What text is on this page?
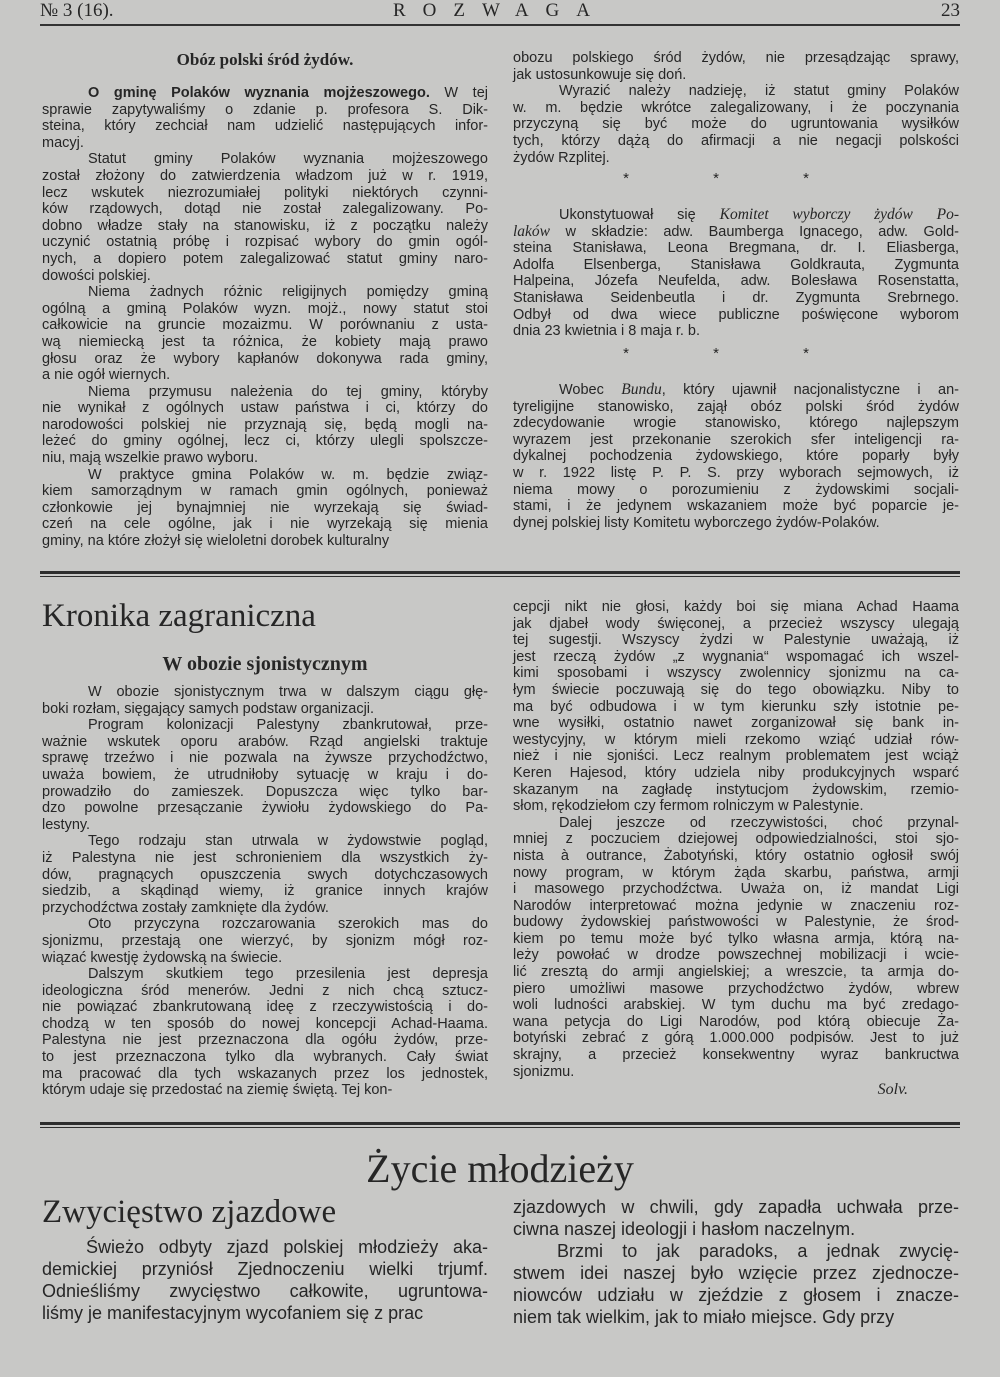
№ 3 (16).	ROZWAGA	23
Obóz polski śród żydów.
O gminę Polaków wyznania mojżeszowego. W tej
sprawie zapytywaliśmy o zdanie p. profesora S. Dik-
steina, który zechciał nam udzielić następujących infor-
macyj.
Statut gminy Polaków wyznania mojżeszowego
został złożony do zatwierdzenia władzom już w r. 1919,
lecz wskutek niezrozumiałej polityki niektórych czynni-
ków rządowych, dotąd nie został zalegalizowany. Po-
dobno władze stały na stanowisku, iż z początku należy
uczynić ostatnią próbę i rozpisać wybory do gmin ogól-
nych, a dopiero potem zalegalizować statut gminy naro-
dowości polskiej.
Niema żadnych różnic religijnych pomiędzy gminą
ogólną a gminą Polaków wyzn. mojż., nowy statut stoi
całkowicie na gruncie mozaizmu. W porównaniu z usta-
wą niemiecką jest ta różnica, że kobiety mają prawo
głosu oraz że wybory kapłanów dokonywa rada gminy,
a nie ogół wiernych.
Niema przymusu należenia do tej gminy, któryby
nie wynikał z ogólnych ustaw państwa i ci, którzy do
narodowości polskiej nie przyznają się, będą mogli na-
leżeć do gminy ogólnej, lecz ci, którzy ulegli spolszcze-
niu, mają wszelkie prawo wyboru.
W praktyce gmina Polaków w. m. będzie związ-
kiem samorządnym w ramach gmin ogólnych, ponieważ
członkowie jej bynajmniej nie wyrzekają się świad-
czeń na cele ogólne, jak i nie wyrzekają się mienia
gminy, na które złożył się wieloletni dorobek kulturalny
obozu polskiego śród żydów, nie przesądzając sprawy,
jak ustosunkowuje się doń.
Wyrazić należy nadzieję, iż statut gminy Polaków
w. m. będzie wkrótce zalegalizowany, i że poczynania
przyczyną się być może do ugruntowania wysiłków
tych, którzy dążą do afirmacji a nie negacji polskości
żydów Rzplitej.
* * *
Ukonstytuował się Komitet wyborczy żydów Po-
laków w składzie: adw. Baumberga Ignacego, adw. Gold-
steina Stanisława, Leona Bregmana, dr. I. Eliasberga,
Adolfa Elsenberga, Stanisława Goldkrauta, Zygmunta
Halpeina, Józefa Neufelda, adw. Bolesława Rosenstatta,
Stanisława Seidenbeutla i dr. Zygmunta Srebrnego.
Odbył od dwa wiece publiczne poświęcone wyborom
dnia 23 kwietnia i 8 maja r. b.
* * *
Wobec Bundu, który ujawnił nacjonalistyczne i an-
tyreligijne stanowisko, zajął obóz polski śród żydów
zdecydowanie wrogie stanowisko, którego najlepszym
wyrazem jest przekonanie szerokich sfer inteligencji ra-
dykalnej pochodzenia żydowskiego, które poparły były
w r. 1922 listę P. P. S. przy wyborach sejmowych, iż
niema mowy o porozumieniu z żydowskimi socjali-
stami, i że jedynem wskazaniem może być poparcie je-
dynej polskiej listy Komitetu wyborczego żydów-Polaków.
Kronika zagraniczna
W obozie sjonistycznym
W obozie sjonistycznym trwa w dalszym ciągu głę-
boki rozłam, sięgający samych podstaw organizacji.
Program kolonizacji Palestyny zbankrutował, prze-
ważnie wskutek oporu arabów. Rząd angielski traktuje
sprawę trzeźwo i nie pozwala na żywsze przychodźctwo,
uważa bowiem, że utrudniłoby sytuację w kraju i do-
prowadziło do zamieszek. Dopuszcza więc tylko bar-
dzo powolne przesączanie żywiołu żydowskiego do Pa-
lestyny.
Tego rodzaju stan utrwala w żydowstwie pogląd,
iż Palestyna nie jest schronieniem dla wszystkich ży-
dów, pragnących opuszczenia swych dotychczasowych
siedzib, a skądinąd wiemy, iż granice innych krajów
przychodźctwa zostały zamknięte dla żydów.
Oto przyczyna rozczarowania szerokich mas do
sjonizmu, przestają one wierzyć, by sjonizm mógł roz-
wiązać kwestję żydowską na świecie.
Dalszym skutkiem tego przesilenia jest depresja
ideologiczna śród menerów. Jedni z nich chcą sztucz-
nie powiązać zbankrutowaną ideę z rzeczywistością i do-
chodzą w ten sposób do nowej koncepcji Achad-Haama.
Palestyna nie jest przeznaczona dla ogółu żydów, prze-
to jest przeznaczona tylko dla wybranych. Cały świat
ma pracować dla tych wskazanych przez los jednostek,
którym udaje się przedostać na ziemię świętą. Tej kon-
cepcji nikt nie głosi, każdy boi się miana Achad Haama
jak djabeł wody święconej, a przecież wszyscy ulegają
tej sugestji. Wszyscy żydzi w Palestynie uważają, iż
jest rzeczą żydów „z wygnania“ wspomagać ich wszel-
kimi sposobami i wszyscy zwolennicy sjonizmu na ca-
łym świecie poczuwają się do tego obowiązku. Niby to
ma być odbudowa i w tym kierunku szły istotnie pe-
wne wysiłki, ostatnio nawet zorganizował się bank in-
westycyjny, w którym mieli rzekomo wziąć udział rów-
nież i nie sjoniści. Lecz realnym problematem jest wciąż
Keren Hajesod, który udziela niby produkcyjnych wsparć
skazanym na zagładę instytucjom żydowskim, rzemio-
słom, rękodziełom czy fermom rolniczym w Palestynie.
Dalej jeszcze od rzeczywistości, choć przynal-
mniej z poczuciem dziejowej odpowiedzialności, stoi sjo-
nista à outrance, Żabotyński, który ostatnio ogłosił swój
nowy program, w którym żąda skarbu, państwa, armji
i masowego przychodźctwa. Uważa on, iż mandat Ligi
Narodów interpretować można jedynie w znaczeniu roz-
budowy żydowskiej państwowości w Palestynie, że środ-
kiem po temu może być tylko własna armja, którą na-
leży powołać w drodze powszechnej mobilizacji i wcie-
lić zresztą do armji angielskiej; a wreszcie, ta armja do-
piero umożliwi masowe przychodźctwo żydów, wbrew
woli ludności arabskiej. W tym duchu ma być zredago-
wana petycja do Ligi Narodów, pod którą obiecuje Ża-
botyński zebrać z górą 1.000.000 podpisów. Jest to już
skrajny, a przecież konsekwentny wyraz bankructwa
sjonizmu.
Solv.
Życie młodzieży
Zwycięstwo zjazdowe
Świeżo odbyty zjazd polskiej młodzieży aka-
demickiej przyniósł Zjednoczeniu wielki trjumf.
Odnieśliśmy zwycięstwo całkowite, ugruntowa-
liśmy je manifestacyjnym wycofaniem się z prac
zjazdowych w chwili, gdy zapadła uchwała prze-
ciwna naszej ideologji i hasłom naczelnym.
Brzmi to jak paradoks, a jednak zwycię-
stwem idei naszej było wzięcie przez zjednocze-
niowców udziału w zjeździe z głosem i znacze-
niem tak wielkim, jak to miało miejsce. Gdy przy
